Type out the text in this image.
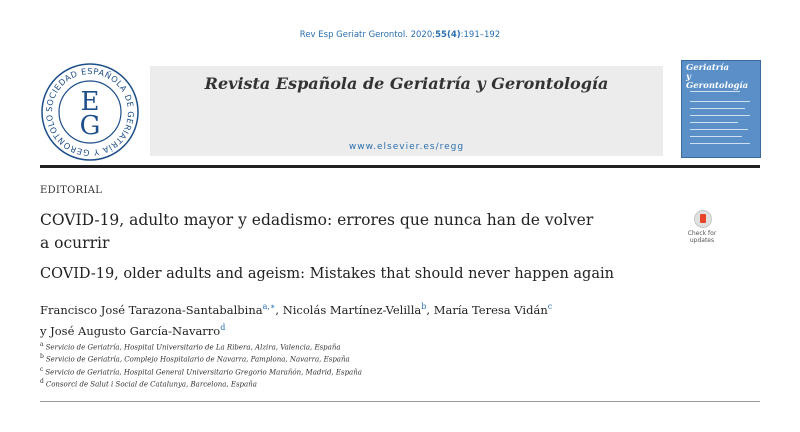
Rev Esp Geriatr Gerontol. 2020;55(4):191–192
SOCIEDAD ESPAÑOLA DE GERIATRÍA Y GERONTOLO
E
G
Revista Española de Geriatría y Gerontología
www.elsevier.es/regg
Geriatría
y Gerontología
EDITORIAL
COVID-19, adulto mayor y edadismo: errores que nunca han de volver
a ocurrir
Check for
updates
COVID-19, older adults and ageism: Mistakes that should never happen again
Francisco José Tarazona-Santabalbina$^{a,∗}$, Nicolás Martínez-Velilla$^b$, María Teresa Vidán$^c$
y José Augusto García-Navarro$^d$
$^a$ Servicio de Geriatría, Hospital Universitario de La Ribera, Alzira, Valencia, España
$^b$ Servicio de Geriatría, Complejo Hospitalario de Navarra, Pamplona, Navarra, España
$^c$ Servicio de Geriatría, Hospital General Universitario Gregorio Marañón, Madrid, España
$^d$ Consorci de Salut i Social de Catalunya, Barcelona, España
